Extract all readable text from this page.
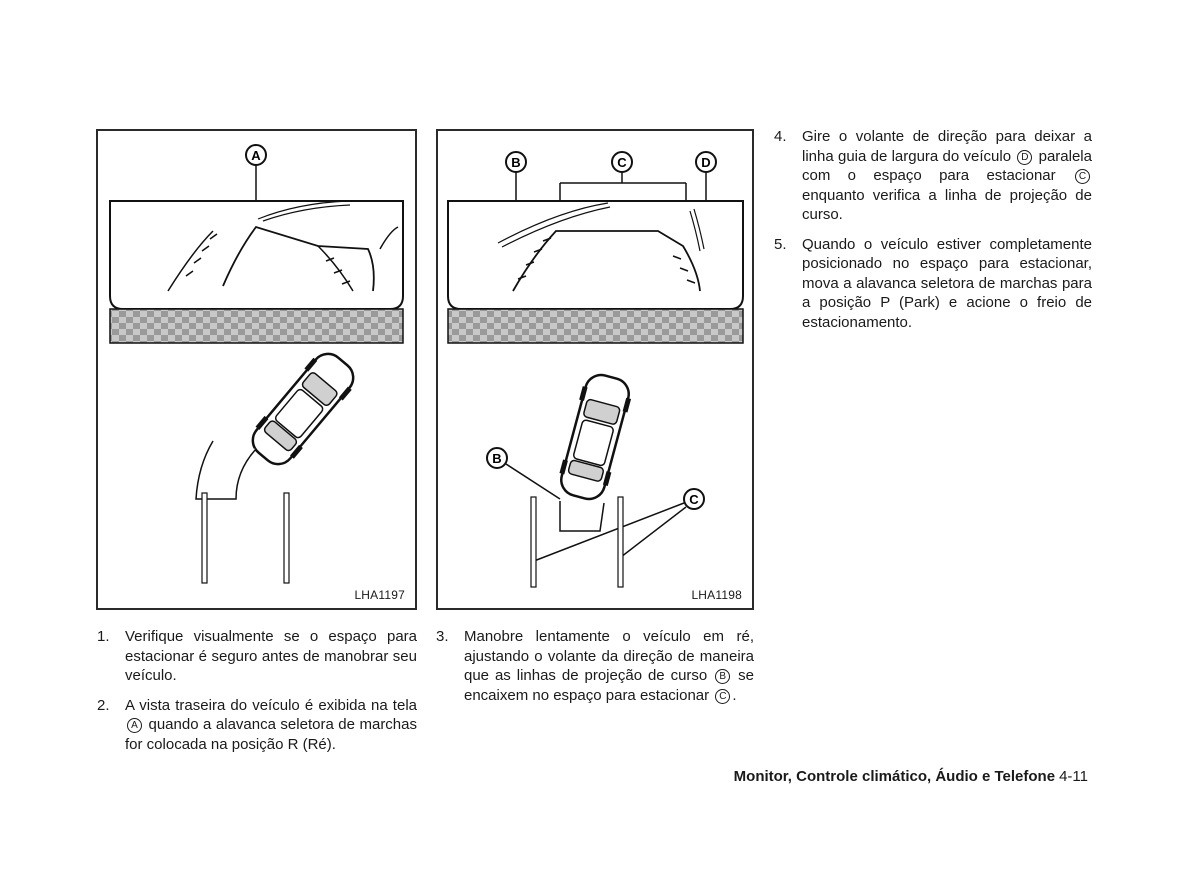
A
LHA1197
B	C	D
B
C
LHA1198
1. Verifique visualmente se o espaço para estacionar é seguro antes de manobrar seu veículo.
2. A vista traseira do veículo é exibida na tela A quando a alavanca seletora de marchas for colocada na posição R (Ré).
3. Manobre lentamente o veículo em ré, ajustando o volante da direção de maneira que as linhas de projeção de curso B se encaixem no espaço para estacionar C .
4. Gire o volante de direção para deixar a linha guia de largura do veículo D paralela com o espaço para estacionar C enquanto verifica a linha de projeção de curso.
5. Quando o veículo estiver completamente posicionado no espaço para estacionar, mova a alavanca seletora de marchas para a posição P (Park) e acione o freio de estacionamento.
Monitor, Controle climático, Áudio e Telefone 4-11
